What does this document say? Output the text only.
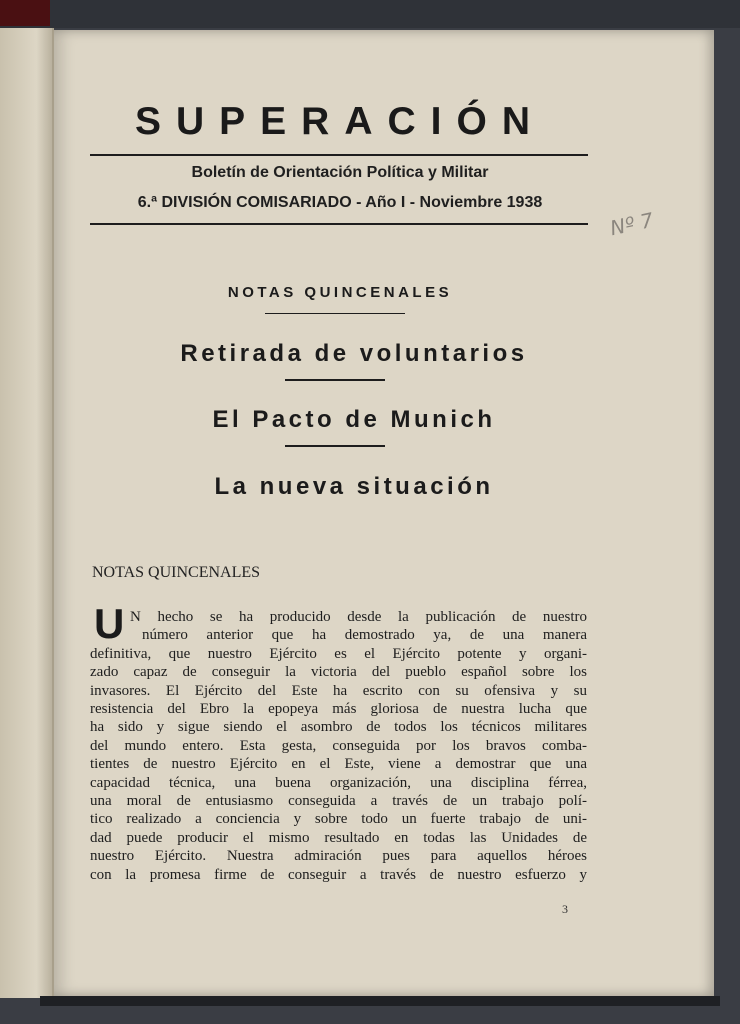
SUPERACIÓN
Boletín de Orientación Política y Militar
6.ª DIVISIÓN COMISARIADO - Año I - Noviembre 1938
Nº 7
NOTAS QUINCENALES
Retirada de voluntarios
El Pacto de Munich
La nueva situación
NOTAS QUINCENALES
U N hecho se ha producido desde la publicación de nuestro
número anterior que ha demostrado ya, de una manera
definitiva, que nuestro Ejército es el Ejército potente y organi-
zado capaz de conseguir la victoria del pueblo español sobre los
invasores. El Ejército del Este ha escrito con su ofensiva y su
resistencia del Ebro la epopeya más gloriosa de nuestra lucha que
ha sido y sigue siendo el asombro de todos los técnicos militares
del mundo entero. Esta gesta, conseguida por los bravos comba-
tientes de nuestro Ejército en el Este, viene a demostrar que una
capacidad técnica, una buena organización, una disciplina férrea,
una moral de entusiasmo conseguida a través de un trabajo polí-
tico realizado a conciencia y sobre todo un fuerte trabajo de uni-
dad puede producir el mismo resultado en todas las Unidades de
nuestro Ejército. Nuestra admiración pues para aquellos héroes
con la promesa firme de conseguir a través de nuestro esfuerzo y
3
